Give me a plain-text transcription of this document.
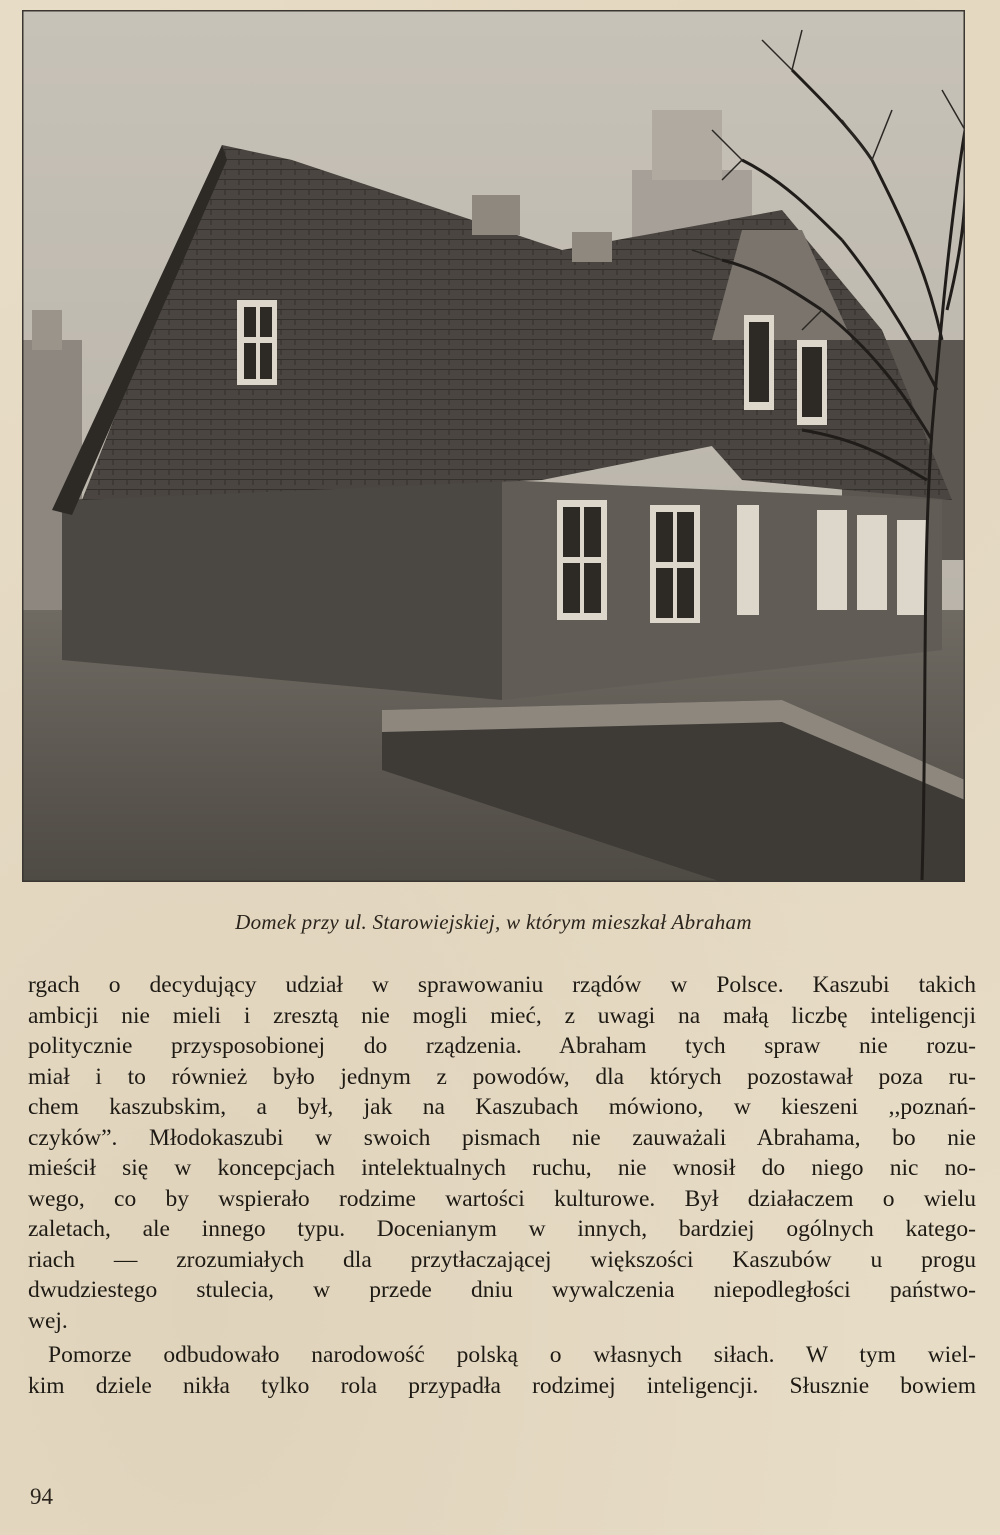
Domek przy ul. Starowiejskiej, w którym mieszkał Abraham

rgach o decydujący udział w sprawowaniu rządów w Polsce. Kaszubi takich
ambicji nie mieli i zresztą nie mogli mieć, z uwagi na małą liczbę inteligencji
politycznie przysposobionej do rządzenia. Abraham tych spraw nie rozu-
miał i to również było jednym z powodów, dla których pozostawał poza ru-
chem kaszubskim, a był, jak na Kaszubach mówiono, w kieszeni ,,poznań-
czyków”. Młodokaszubi w swoich pismach nie zauważali Abrahama, bo nie
mieścił się w koncepcjach intelektualnych ruchu, nie wnosił do niego nic no-
wego, co by wspierało rodzime wartości kulturowe. Był działaczem o wielu
zaletach, ale innego typu. Docenianym w innych, bardziej ogólnych katego-
riach — zrozumiałych dla przytłaczającej większości Kaszubów u progu
dwudziestego stulecia, w przede dniu wywalczenia niepodległości państwo-
wej.

Pomorze odbudowało narodowość polską o własnych siłach. W tym wiel-
kim dziele nikła tylko rola przypadła rodzimej inteligencji. Słusznie bowiem

94
